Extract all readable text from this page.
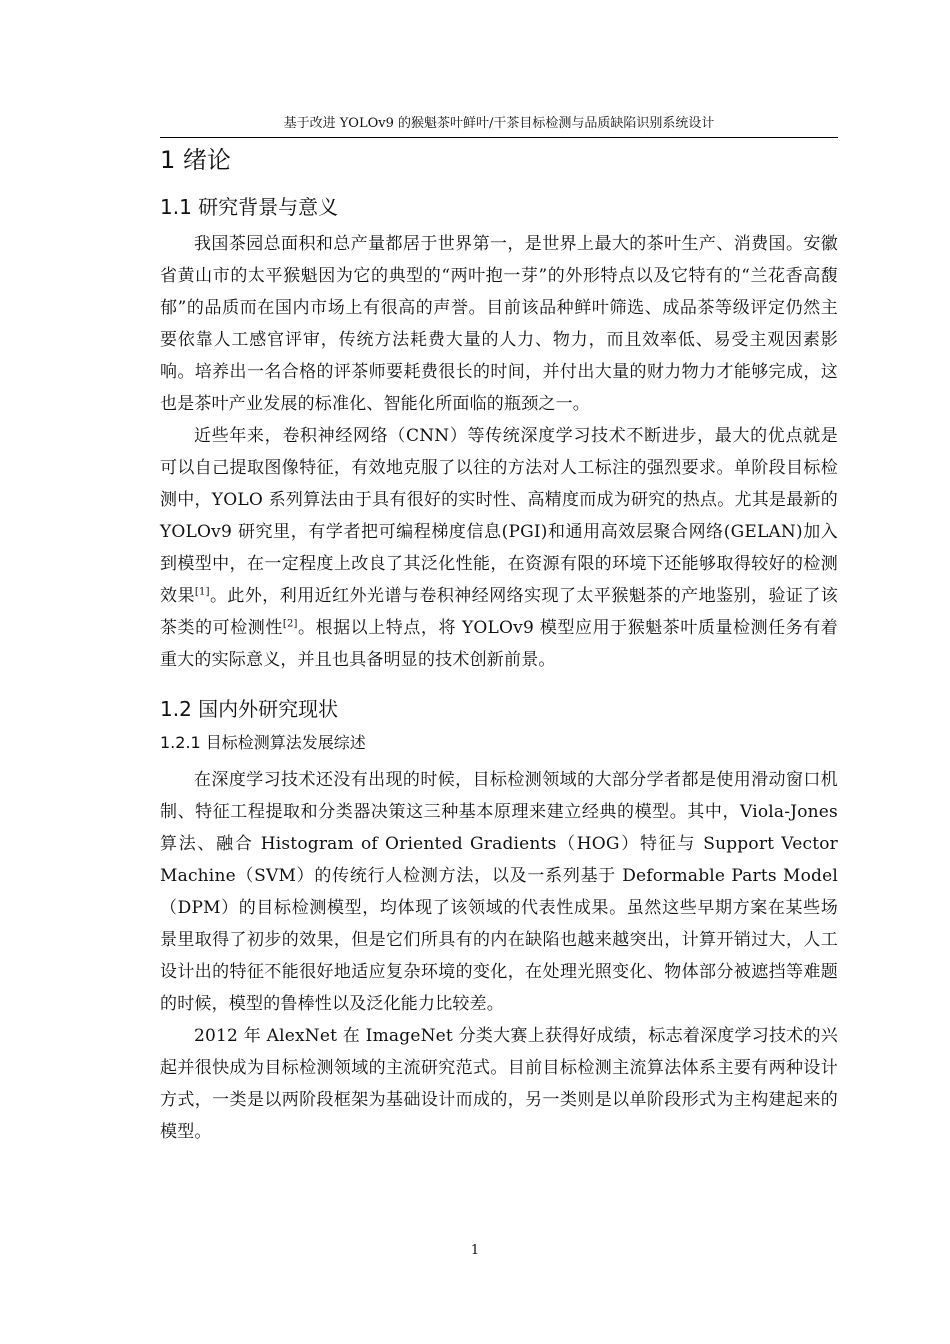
基于改进 YOLOv9 的猴魁茶叶鲜叶/干茶目标检测与品质缺陷识别系统设计
1 绪论
1.1 研究背景与意义

我国茶园总面积和总产量都居于世界第一，是世界上最大的茶叶生产、消费国。安徽省黄山市的太平猴魁因为它的典型的“两叶抱一芽”的外形特点以及它特有的“兰花香高馥郁”的品质而在国内市场上有很高的声誉。目前该品种鲜叶筛选、成品茶等级评定仍然主要依靠人工感官评审，传统方法耗费大量的人力、物力，而且效率低、易受主观因素影响。培养出一名合格的评茶师要耗费很长的时间，并付出大量的财力物力才能够完成，这也是茶叶产业发展的标准化、智能化所面临的瓶颈之一。

近些年来，卷积神经网络（CNN）等传统深度学习技术不断进步，最大的优点就是可以自己提取图像特征，有效地克服了以往的方法对人工标注的强烈要求。单阶段目标检测中，YOLO 系列算法由于具有很好的实时性、高精度而成为研究的热点。尤其是最新的 YOLOv9 研究里，有学者把可编程梯度信息(PGI)和通用高效层聚合网络(GELAN)加入到模型中，在一定程度上改良了其泛化性能，在资源有限的环境下还能够取得较好的检测效果[1]。此外，利用近红外光谱与卷积神经网络实现了太平猴魁茶的产地鉴别，验证了该茶类的可检测性[2]。根据以上特点，将 YOLOv9 模型应用于猴魁茶叶质量检测任务有着重大的实际意义，并且也具备明显的技术创新前景。

1.2 国内外研究现状
1.2.1 目标检测算法发展综述

在深度学习技术还没有出现的时候，目标检测领域的大部分学者都是使用滑动窗口机制、特征工程提取和分类器决策这三种基本原理来建立经典的模型。其中，Viola-Jones 算法、融合 Histogram of Oriented Gradients（HOG）特征与 Support Vector Machine（SVM）的传统行人检测方法，以及一系列基于 Deformable Parts Model（DPM）的目标检测模型，均体现了该领域的代表性成果。虽然这些早期方案在某些场景里取得了初步的效果，但是它们所具有的内在缺陷也越来越突出，计算开销过大，人工设计出的特征不能很好地适应复杂环境的变化，在处理光照变化、物体部分被遮挡等难题的时候，模型的鲁棒性以及泛化能力比较差。

2012 年 AlexNet 在 ImageNet 分类大赛上获得好成绩，标志着深度学习技术的兴起并很快成为目标检测领域的主流研究范式。目前目标检测主流算法体系主要有两种设计方式，一类是以两阶段框架为基础设计而成的，另一类则是以单阶段形式为主构建起来的模型。

1
